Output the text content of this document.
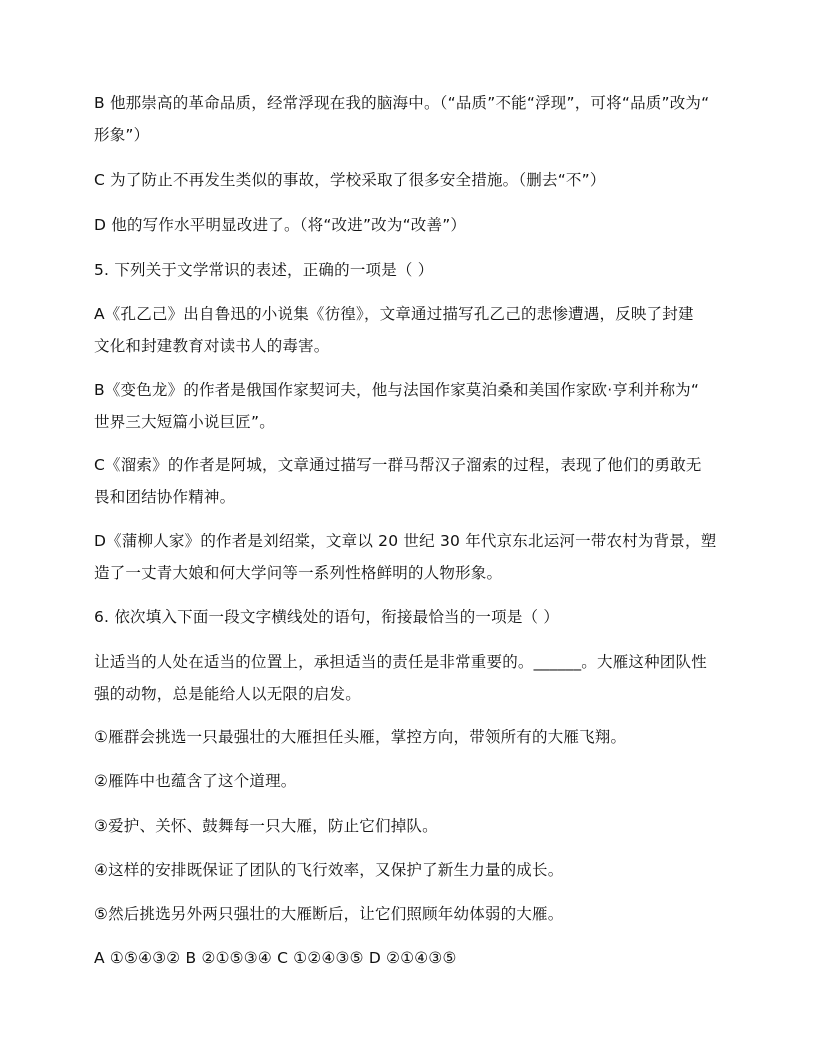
B 他那崇高的革命品质，经常浮现在我的脑海中。（“品质”不能“浮现”，可将“品质”改为“
形象”）
C 为了防止不再发生类似的事故，学校采取了很多安全措施。（删去“不”）
D 他的写作水平明显改进了。（将“改进”改为“改善”）
5. 下列关于文学常识的表述，正确的一项是（ ）
A《孔乙己》出自鲁迅的小说集《彷徨》，文章通过描写孔乙己的悲惨遭遇，反映了封建
文化和封建教育对读书人的毒害。
B《变色龙》的作者是俄国作家契诃夫，他与法国作家莫泊桑和美国作家欧·亨利并称为“
世界三大短篇小说巨匠”。
C《溜索》的作者是阿城，文章通过描写一群马帮汉子溜索的过程，表现了他们的勇敢无
畏和团结协作精神。
D《蒲柳人家》的作者是刘绍棠，文章以 20 世纪 30 年代京东北运河一带农村为背景，塑
造了一丈青大娘和何大学问等一系列性格鲜明的人物形象。
6. 依次填入下面一段文字横线处的语句，衔接最恰当的一项是（ ）
让适当的人处在适当的位置上，承担适当的责任是非常重要的。______。大雁这种团队性
强的动物，总是能给人以无限的启发。
①雁群会挑选一只最强壮的大雁担任头雁，掌控方向，带领所有的大雁飞翔。
②雁阵中也蕴含了这个道理。
③爱护、关怀、鼓舞每一只大雁，防止它们掉队。
④这样的安排既保证了团队的飞行效率，又保护了新生力量的成长。
⑤然后挑选另外两只强壮的大雁断后，让它们照顾年幼体弱的大雁。
A ①⑤④③② B ②①⑤③④ C ①②④③⑤ D ②①④③⑤
